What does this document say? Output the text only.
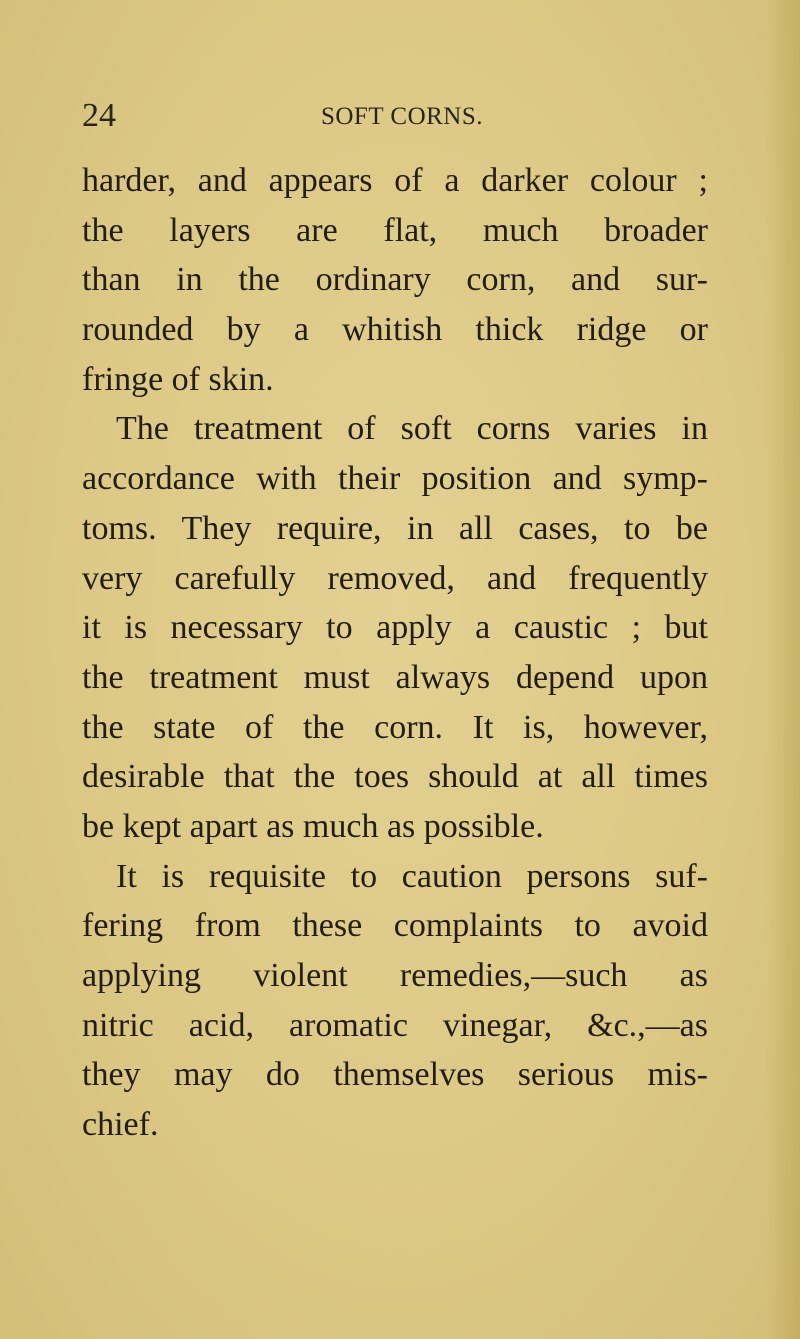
24	SOFT CORNS.
harder, and appears of a darker colour ;
the layers are flat, much broader
than in the ordinary corn, and sur-
rounded by a whitish thick ridge or
fringe of skin.
The treatment of soft corns varies in
accordance with their position and symp-
toms. They require, in all cases, to be
very carefully removed, and frequently
it is necessary to apply a caustic ; but
the treatment must always depend upon
the state of the corn. It is, however,
desirable that the toes should at all times
be kept apart as much as possible.
It is requisite to caution persons suf-
fering from these complaints to avoid
applying violent remedies,—such as
nitric acid, aromatic vinegar, &c.,—as
they may do themselves serious mis-
chief.
